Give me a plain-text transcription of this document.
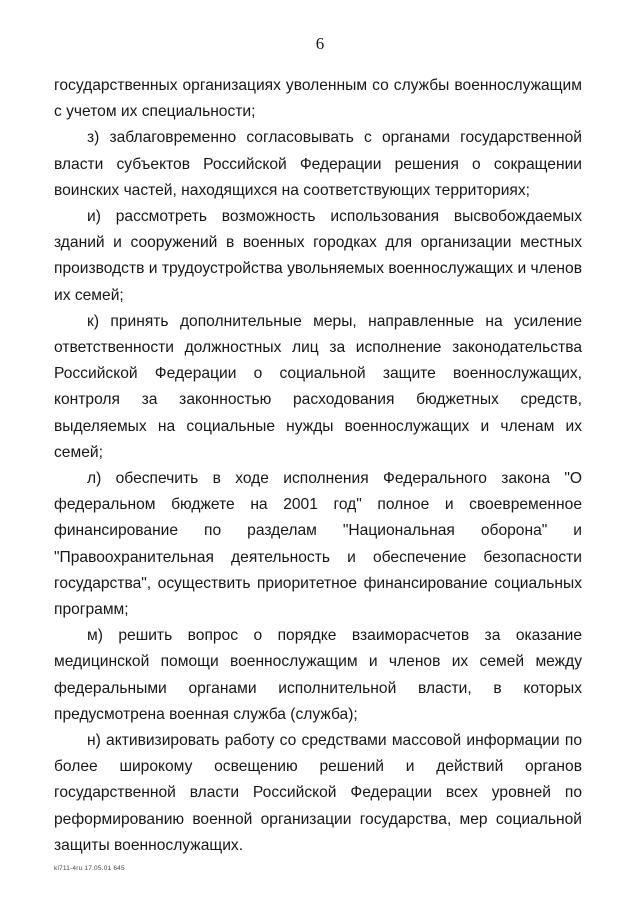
6

государственных организациях уволенным со службы военнослужащим с учетом их специальности;

з) заблаговременно согласовывать с органами государственной власти субъектов Российской Федерации решения о сокращении воинских частей, находящихся на соответствующих территориях;

и) рассмотреть возможность использования высвобождаемых зданий и сооружений в военных городках для организации местных производств и трудоустройства увольняемых военнослужащих и членов их семей;

к) принять дополнительные меры, направленные на усиление ответственности должностных лиц за исполнение законодательства Российской Федерации о социальной защите военнослужащих, контроля за законностью расходования бюджетных средств, выделяемых на социальные нужды военнослужащих и членам их семей;

л) обеспечить в ходе исполнения Федерального закона "О федеральном бюджете на 2001 год" полное и своевременное финансирование по разделам "Национальная оборона" и "Правоохранительная деятельность и обеспечение безопасности государства", осуществить приоритетное финансирование социальных программ;

м) решить вопрос о порядке взаиморасчетов за оказание медицинской помощи военнослужащим и членов их семей между федеральными органами исполнительной власти, в которых предусмотрена военная служба (служба);

н) активизировать работу со средствами массовой информации по более широкому освещению решений и действий органов государственной власти Российской Федерации всех уровней по реформированию военной организации государства, мер социальной защиты военнослужащих.

kl711-4ru 17.05.01 645
